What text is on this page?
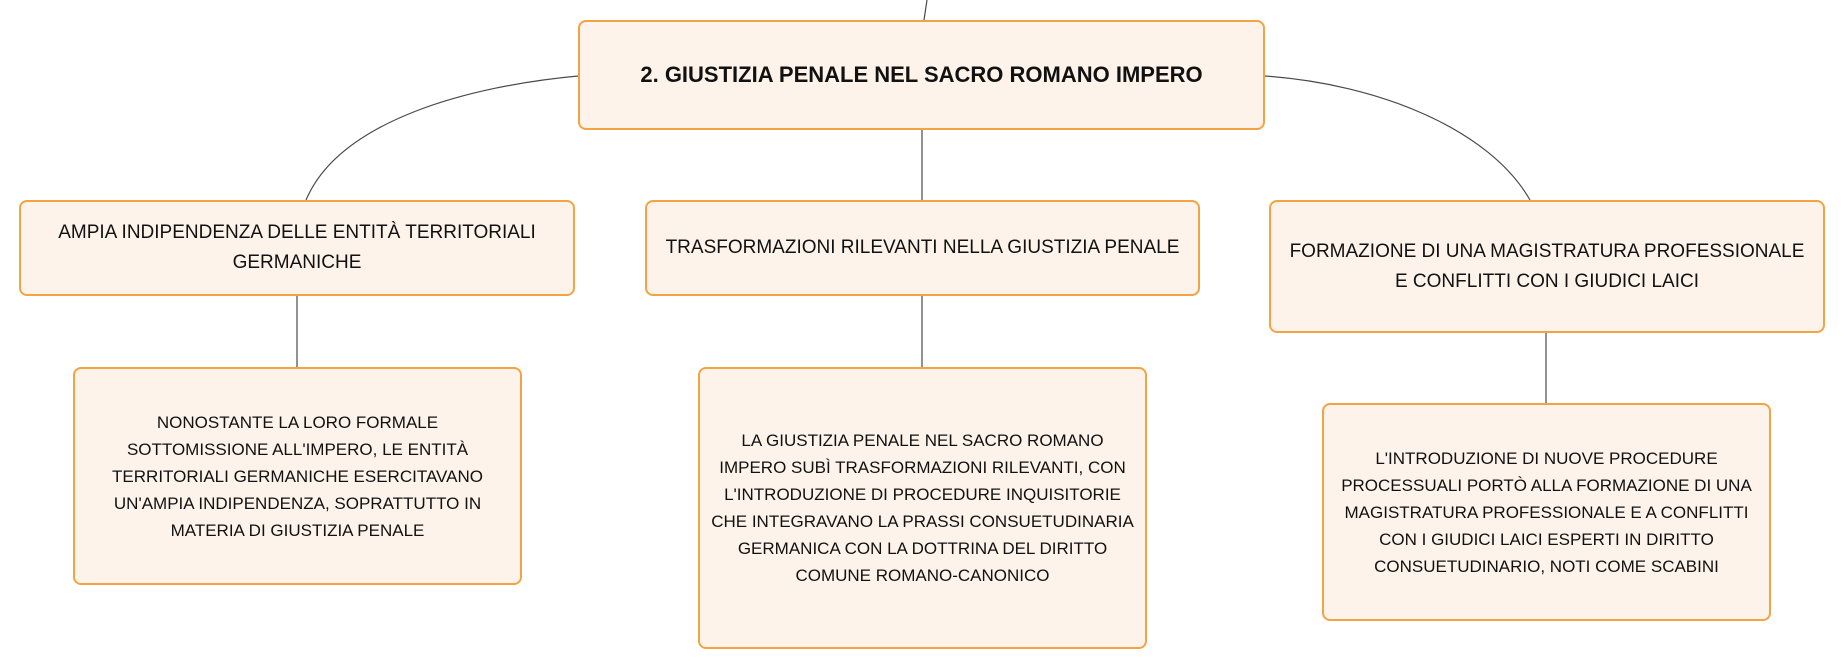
2. GIUSTIZIA PENALE NEL SACRO ROMANO IMPERO
AMPIA INDIPENDENZA DELLE ENTITÀ TERRITORIALI GERMANICHE
TRASFORMAZIONI RILEVANTI NELLA GIUSTIZIA PENALE	FORMAZIONE DI UNA MAGISTRATURA PROFESSIONALE E CONFLITTI CON I GIUDICI LAICI
NONOSTANTE LA LORO FORMALE SOTTOMISSIONE ALL'IMPERO, LE ENTITÀ TERRITORIALI GERMANICHE ESERCITAVANO UN'AMPIA INDIPENDENZA, SOPRATTUTTO IN MATERIA DI GIUSTIZIA PENALE
LA GIUSTIZIA PENALE NEL SACRO ROMANO IMPERO SUBÌ TRASFORMAZIONI RILEVANTI, CON L'INTRODUZIONE DI PROCEDURE INQUISITORIE CHE INTEGRAVANO LA PRASSI CONSUETUDINARIA GERMANICA CON LA DOTTRINA DEL DIRITTO COMUNE ROMANO-CANONICO
L'INTRODUZIONE DI NUOVE PROCEDURE PROCESSUALI PORTÒ ALLA FORMAZIONE DI UNA MAGISTRATURA PROFESSIONALE E A CONFLITTI CON I GIUDICI LAICI ESPERTI IN DIRITTO CONSUETUDINARIO, NOTI COME SCABINI
